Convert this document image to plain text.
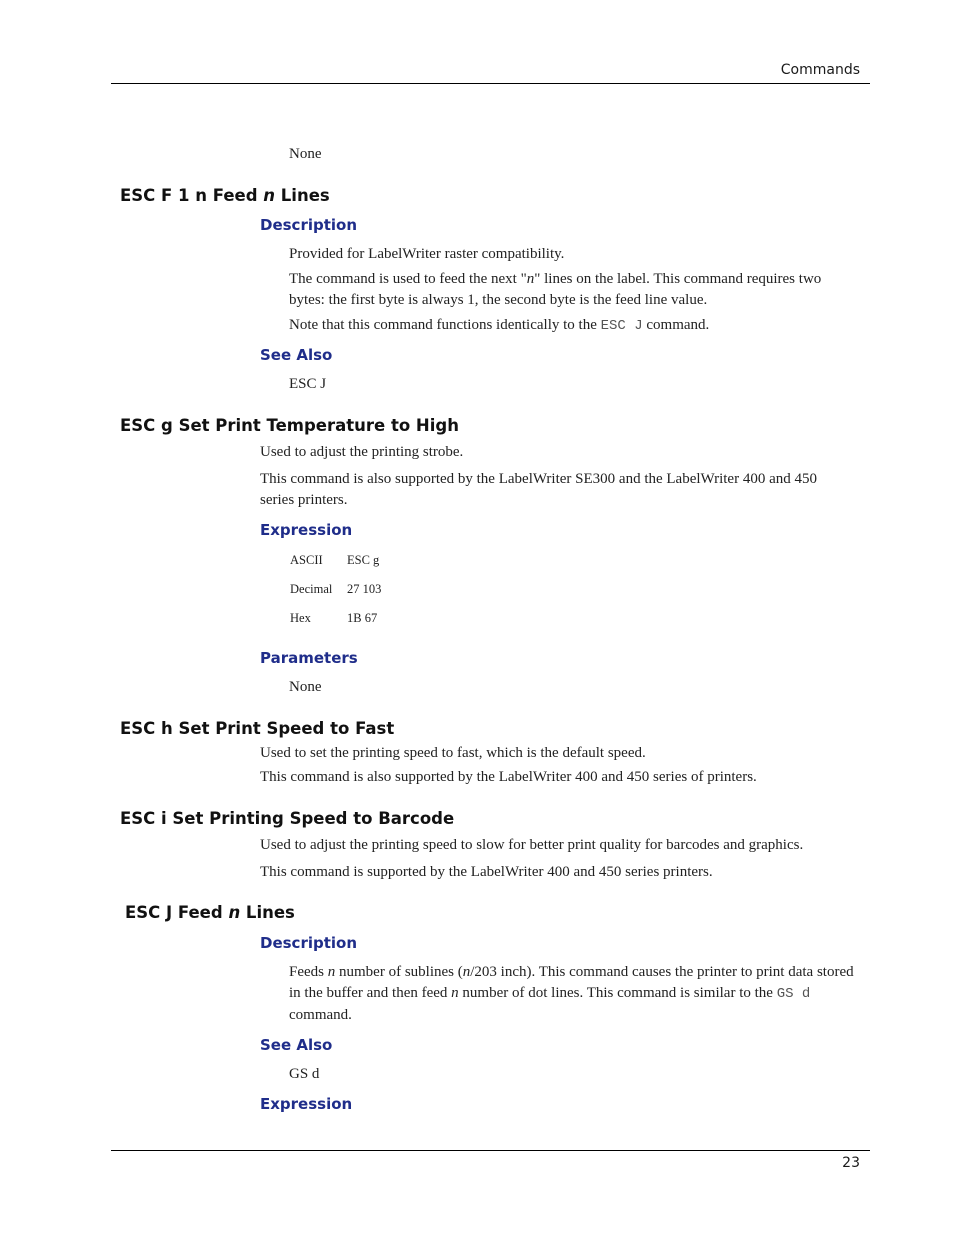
Commands
None
ESC F 1 n Feed n Lines
Description
Provided for LabelWriter raster compatibility.
The command is used to feed the next "n" lines on the label. This command requires two bytes: the first byte is always 1, the second byte is the feed line value.
Note that this command functions identically to the ESC J command.
See Also
ESC J
ESC g Set Print Temperature to High
Used to adjust the printing strobe.
This command is also supported by the LabelWriter SE300 and the LabelWriter 400 and 450 series printers.
Expression
ASCII ESC g
Decimal 27 103
Hex	1B 67
Parameters
None
ESC h Set Print Speed to Fast
Used to set the printing speed to fast, which is the default speed.
This command is also supported by the LabelWriter 400 and 450 series of printers.
ESC i Set Printing Speed to Barcode
Used to adjust the printing speed to slow for better print quality for barcodes and graphics.
This command is supported by the LabelWriter 400 and 450 series printers.
ESC J Feed n Lines
Description
Feeds n number of sublines (n/203 inch). This command causes the printer to print data stored in the buffer and then feed n number of dot lines. This command is similar to the GS d command.
See Also
GS d
Expression
23
